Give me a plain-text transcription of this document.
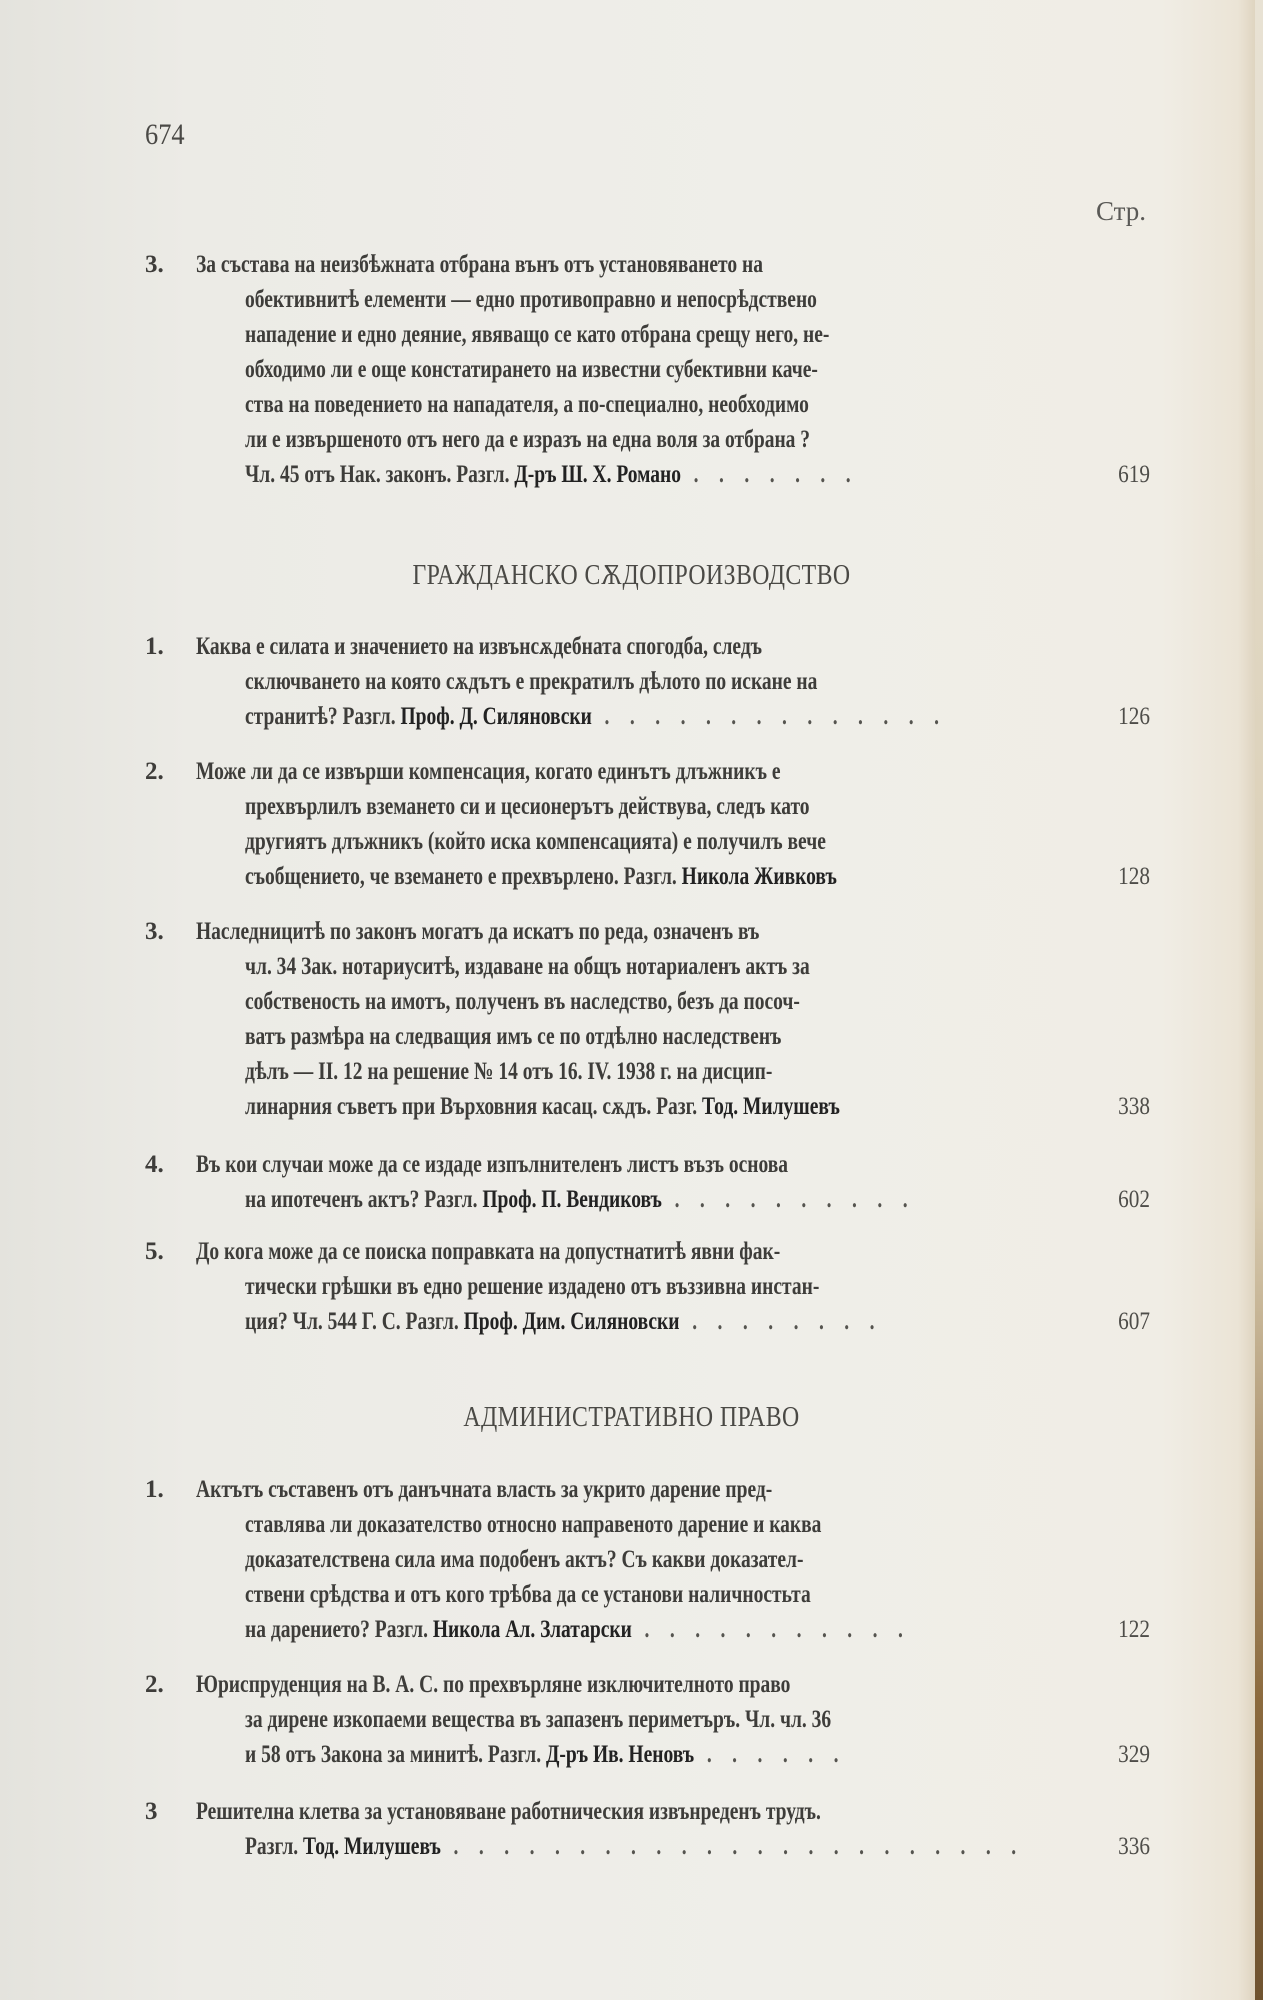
674
Стр.
3. За състава на неизбѣжната отбрана вънъ отъ установяването на
обективнитѣ елементи — едно противоправно и непосрѣдствено
нападение и едно деяние, явяващо се като отбрана срещу него, не-
обходимо ли е още констатирането на известни субективни каче-
ства на поведението на нападателя, а по-специално, необходимо
ли е извършеното отъ него да е изразъ на една воля за отбрана ?
Чл. 45 отъ Нак. законъ. Разгл. Д-ръ Ш. Х. Романо . . . . . . .	619
ГРАЖДАНСКО СѪДОПРОИЗВОДСТВО
1. Каква е силата и значението на извънсѫдебната спогодба, следъ
сключването на която сѫдътъ е прекратилъ дѣлото по искане на
странитѣ? Разгл. Проф. Д. Силяновски . . . . . . . . . . . . . .	126
2. Може ли да се извърши компенсация, когато единътъ длъжникъ е
прехвърлилъ вземането си и цесионерътъ действува, следъ като
другиятъ длъжникъ (който иска компенсацията) е получилъ вече
съобщението, че вземането е прехвърлено. Разгл. Никола Живковъ	128
3. Наследницитѣ по законъ могатъ да искатъ по реда, означенъ въ
чл. 34 Зак. нотариуситѣ, издаване на общъ нотариаленъ актъ за
собственость на имотъ, полученъ въ наследство, безъ да посоч-
ватъ размѣра на следващия имъ се по отдѣлно наследственъ
дѣлъ — II. 12 на решение № 14 отъ 16. IV. 1938 г. на дисцип-
линарния съветъ при Върховния касац. сѫдъ. Разг. Тод. Милушевъ	338
4. Въ кои случаи може да се издаде изпълнителенъ листъ възъ основа
на ипотеченъ актъ? Разгл. Проф. П. Вендиковъ . . . . . . . . . .	602
5. До кога може да се поиска поправката на допустнатитѣ явни фак-
тически грѣшки въ едно решение издадено отъ въззивна инстан-
ция? Чл. 544 Г. С. Разгл. Проф. Дим. Силяновски . . . . . . . .	607
АДМИНИСТРАТИВНО ПРАВО
1. Актътъ съставенъ отъ данъчната власть за укрито дарение пред-
ставлява ли доказателство относно направеното дарение и каква
доказателствена сила има подобенъ актъ? Съ какви доказател-
ствени срѣдства и отъ кого трѣбва да се установи наличностьта
на дарението? Разгл. Никола Ал. Златарски . . . . . . . . . . .	122
2. Юриспруденция на В. А. С. по прехвърляне изключителното право
за дирене изкопаеми вещества въ запазенъ периметъръ. Чл. чл. 36
и 58 отъ Закона за минитѣ. Разгл. Д-ръ Ив. Неновъ . . . . . .	329
3 Решителна клетва за установяване работническия извънреденъ трудъ.
Разгл. Тод. Милушевъ . . . . . . . . . . . . . . . . . . . . . . .	336
